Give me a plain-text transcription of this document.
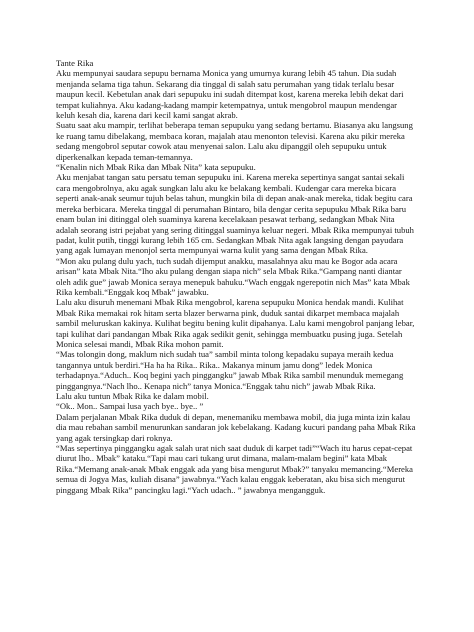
Tante Rika

Aku mempunyai saudara sepupu bernama Monica yang umurnya kurang lebih 45 tahun. Dia sudah menjanda selama tiga tahun. Sekarang dia tinggal di salah satu perumahan yang tidak terlalu besar maupun kecil. Kebetulan anak dari sepupuku ini sudah ditempat kost, karena mereka lebih dekat dari tempat kuliahnya. Aku kadang-kadang mampir ketempatnya, untuk mengobrol maupun mendengar keluh kesah dia, karena dari kecil kami sangat akrab.

Suatu saat aku mampir, terlihat beberapa teman sepupuku yang sedang bertamu. Biasanya aku langsung ke ruang tamu dibelakang, membaca koran, majalah atau menonton televisi. Karena aku pikir mereka sedang mengobrol seputar cowok atau menyenai salon. Lalu aku dipanggil oleh sepupuku untuk diperkenalkan kepada teman-temannya.

“Kenalin nich Mbak Rika dan Mbak Nita” kata sepupuku.

Aku menjabat tangan satu persatu teman sepupuku ini. Karena mereka sepertinya sangat santai sekali cara mengobrolnya, aku agak sungkan lalu aku ke belakang kembali. Kudengar cara mereka bicara seperti anak-anak seumur tujuh belas tahun, mungkin bila di depan anak-anak mereka, tidak begitu cara mereka berbicara. Mereka tinggal di perumahan Bintaro, bila dengar cerita sepupuku Mbak Rika baru enam bulan ini ditinggal oleh suaminya karena kecelakaan pesawat terbang, sedangkan Mbak Nita adalah seorang istri pejabat yang sering ditinggal suaminya keluar negeri. Mbak Rika mempunyai tubuh padat, kulit putih, tinggi kurang lebih 165 cm. Sedangkan Mbak Nita agak langsing dengan payudara yang agak lumayan menonjol serta mempunyai warna kulit yang sama dengan Mbak Rika.

“Mon aku pulang dulu yach, tuch sudah dijemput anakku, masalahnya aku mau ke Bogor ada acara arisan” kata Mbak Nita.“Iho aku pulang dengan siapa nich” sela Mbak Rika.“Gampang nanti diantar oleh adik gue” jawab Monica seraya menepuk bahuku.“Wach enggak ngerepotin nich Mas” kata Mbak Rika kembali.“Enggak koq Mbak” jawabku.

Lalu aku disuruh menemani Mbak Rika mengobrol, karena sepupuku Monica hendak mandi. Kulihat Mbak Rika memakai rok hitam serta blazer berwarna pink, duduk santai dikarpet membaca majalah sambil meluruskan kakinya. Kulihat begitu bening kulit dipahanya. Lalu kami mengobrol panjang lebar, tapi kulihat dari pandangan Mbak Rika agak sedikit genit, sehingga membuatku pusing juga. Setelah Monica selesai mandi, Mbak Rika mohon pamit.

“Mas tolongin dong, maklum nich sudah tua” sambil minta tolong kepadaku supaya meraih kedua tangannya untuk berdiri.“Ha ha ha Rika.. Rika.. Makanya minum jamu dong” ledek Monica terhadapnya.“Aduch.. Koq begini yach pinggangku” jawab Mbak Rika sambil menunduk memegang pinggangnya.“Nach lho.. Kenapa nich” tanya Monica.“Enggak tahu nich” jawab Mbak Rika.

Lalu aku tuntun Mbak Rika ke dalam mobil.

“Ok.. Mon.. Sampai lusa yach bye.. bye.. ”

Dalam perjalanan Mbak Rika duduk di depan, menemaniku membawa mobil, dia juga minta izin kalau dia mau rebahan sambil menurunkan sandaran jok kebelakang. Kadang kucuri pandang paha Mbak Rika yang agak tersingkap dari roknya.

“Mas sepertinya pinggangku agak salah urat nich saat duduk di karpet tadi”“Wach itu harus cepat-cepat diurut lho.. Mbak” kataku.“Tapi mau cari tukang urut dimana, malam-malam begini” kata Mbak Rika.“Memang anak-anak Mbak enggak ada yang bisa mengurut Mbak?” tanyaku memancing.“Mereka semua di Jogya Mas, kuliah disana” jawabnya.“Yach kalau enggak keberatan, aku bisa sich mengurut pinggang Mbak Rika” pancingku lagi.“Yach udach.. ” jawabnya mengangguk.
